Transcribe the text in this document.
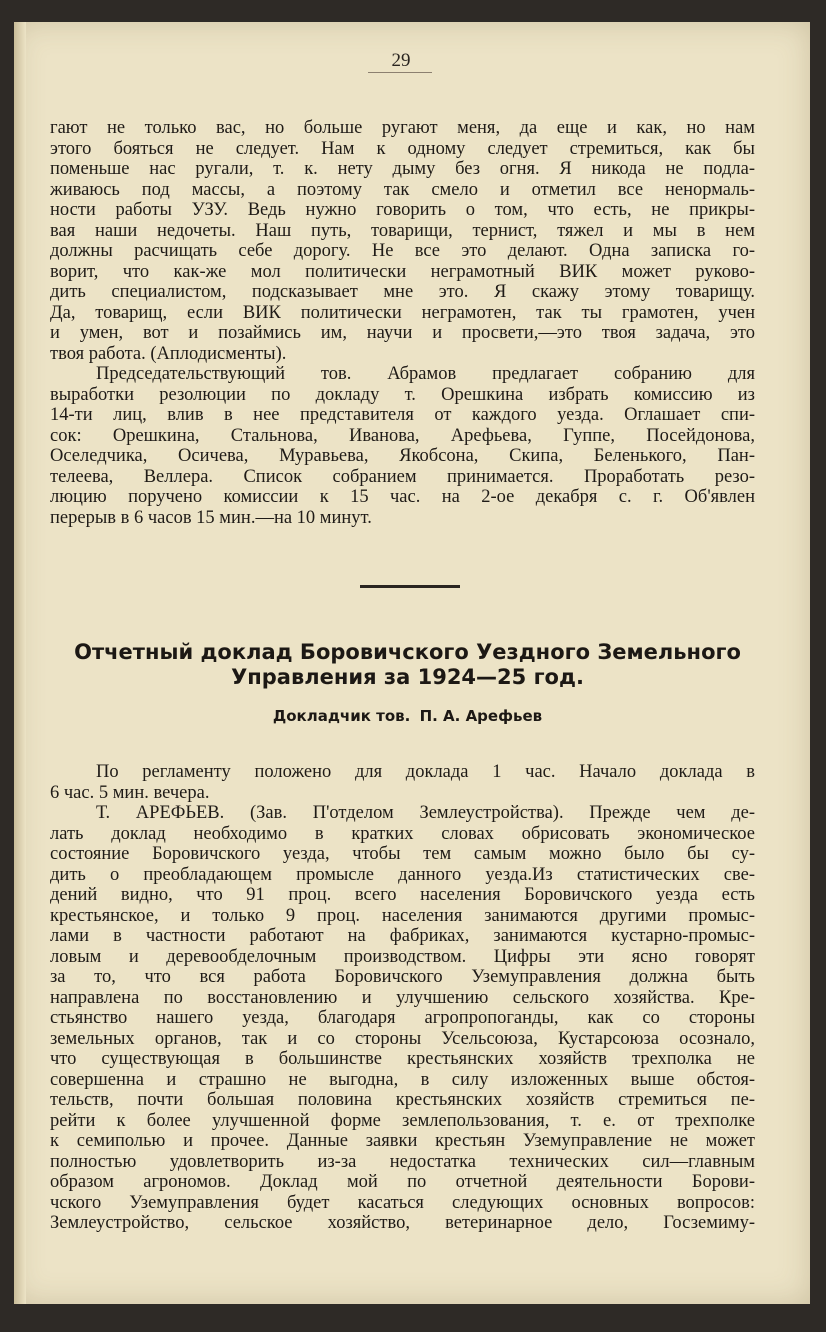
29
гают не только вас, но больше ругают меня, да еще и как, но нам
этого бояться не следует. Нам к одному следует стремиться, как бы
поменьше нас ругали, т. к. нету дыму без огня. Я никода не подла-
живаюсь под массы, а поэтому так смело и отметил все ненормаль-
ности работы УЗУ. Ведь нужно говорить о том, что есть, не прикры-
вая наши недочеты. Наш путь, товарищи, тернист, тяжел и мы в нем
должны расчищать себе дорогу. Не все это делают. Одна записка го-
ворит, что как-же мол политически неграмотный ВИК может руково-
дить специалистом, подсказывает мне это. Я скажу этому товарищу.
Да, товарищ, если ВИК политически неграмотен, так ты грамотен, учен
и умен, вот и позаймись им, научи и просвети,—это твоя задача, это
твоя работа. (Аплодисменты).
Председательствующий тов. Абрамов предлагает собранию для
выработки резолюции по докладу т. Орешкина избрать комиссию из
14-ти лиц, влив в нее представителя от каждого уезда. Оглашает спи-
сок: Орешкина, Стальнова, Иванова, Арефьева, Гуппе, Посейдонова,
Оселедчика, Осичева, Муравьева, Якобсона, Скипа, Беленького, Пан-
телеева, Веллера. Список собранием принимается. Проработать резо-
люцию поручено комиссии к 15 час. на 2-ое декабря с. г. Об'явлен
перерыв в 6 часов 15 мин.—на 10 минут.
Отчетный доклад Боровичского Уездного Земельного
Управления за 1924—25 год.
Докладчик тов. П. А. Арефьев
По регламенту положено для доклада 1 час. Начало доклада в
6 час. 5 мин. вечера.
Т. АРЕФЬЕВ. (Зав. П'отделом Землеустройства). Прежде чем де-
лать доклад необходимо в кратких словах обрисовать экономическое
состояние Боровичского уезда, чтобы тем самым можно было бы су-
дить о преобладающем промысле данного уезда.Из статистических све-
дений видно, что 91 проц. всего населения Боровичского уезда есть
крестьянское, и только 9 проц. населения занимаются другими промыс-
лами в частности работают на фабриках, занимаются кустарно-промыс-
ловым и деревообделочным производством. Цифры эти ясно говорят
за то, что вся работа Боровичского Уземуправления должна быть
направлена по восстановлению и улучшению сельского хозяйства. Кре-
стьянство нашего уезда, благодаря агропропоганды, как со стороны
земельных органов, так и со стороны Усельсоюза, Кустарсоюза осознало,
что существующая в большинстве крестьянских хозяйств трехполка не
совершенна и страшно не выгодна, в силу изложенных выше обстоя-
тельств, почти большая половина крестьянских хозяйств стремиться пе-
рейти к более улучшенной форме землепользования, т. е. от трехполке
к семиполью и прочее. Данные заявки крестьян Уземуправление не может
полностью удовлетворить из-за недостатка технических сил—главным
образом агрономов. Доклад мой по отчетной деятельности Борови-
чского Уземуправления будет касаться следующих основных вопросов:
Землеустройство, сельское хозяйство, ветеринарное дело, Госземиму-
